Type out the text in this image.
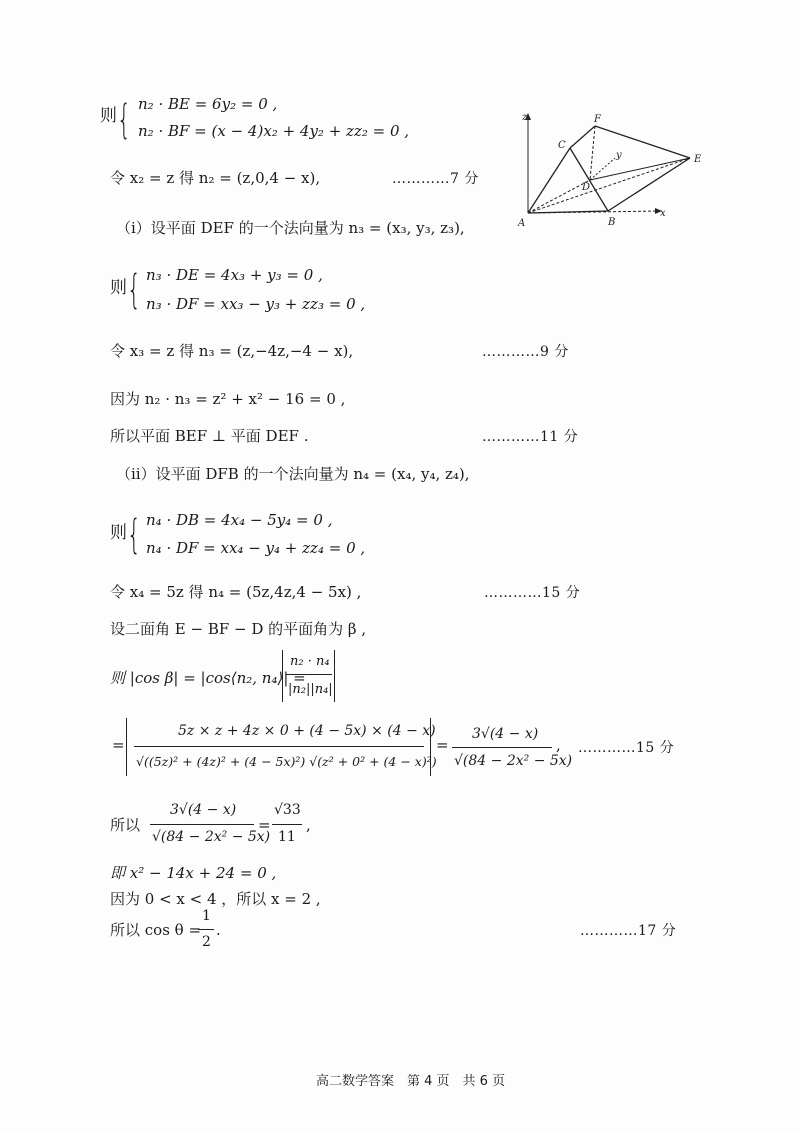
则 { n₂ · BE = 6y₂ = 0 ,
n₂ · BF = (x − 4)x₂ + 4y₂ + zz₂ = 0 ,
令 x₂ = z 得 n₂ = (z,0,4 − x),	…………7 分
z	F
C
y
D
E
A	B
x
（ⅰ）设平面 DEF 的一个法向量为 n₃ = (x₃, y₃, z₃),
则 { n₃ · DE = 4x₃ + y₃ = 0 ,
n₃ · DF = xx₃ − y₃ + zz₃ = 0 ,
令 x₃ = z 得 n₃ = (z,−4z,−4 − x),	…………9 分
因为 n₂ · n₃ = z² + x² − 16 = 0 ,
所以平面 BEF ⊥ 平面 DEF .	…………11 分
（ⅱ）设平面 DFB 的一个法向量为 n₄ = (x₄, y₄, z₄),
则 { n₄ · DB = 4x₄ − 5y₄ = 0 ,
n₄ · DF = xx₄ − y₄ + zz₄ = 0 ,
令 x₄ = 5z 得 n₄ = (5z,4z,4 − 5x) ,	…………15 分
设二面角 E − BF − D 的平面角为 β ,
则 |cos β| = |cos⟨n₂, n₄⟩| =
n₂ · n₄
|n₂||n₄|
=
5z × z + 4z × 0 + (4 − 5x) × (4 − x)
√((5z)² + (4z)² + (4 − 5x)²) √(z² + 0² + (4 − x)²)
=
3√(4 − x)
√(84 − 2x² − 5x)
, …………15 分
所以
3√(4 − x)
√(84 − 2x² − 5x)
=
√33
11
,
即 x² − 14x + 24 = 0 ,
因为 0 < x < 4 ，所以 x = 2 ,
所以 cos θ =
1
2
.	…………17 分
高二数学答案　第 4 页　共 6 页
